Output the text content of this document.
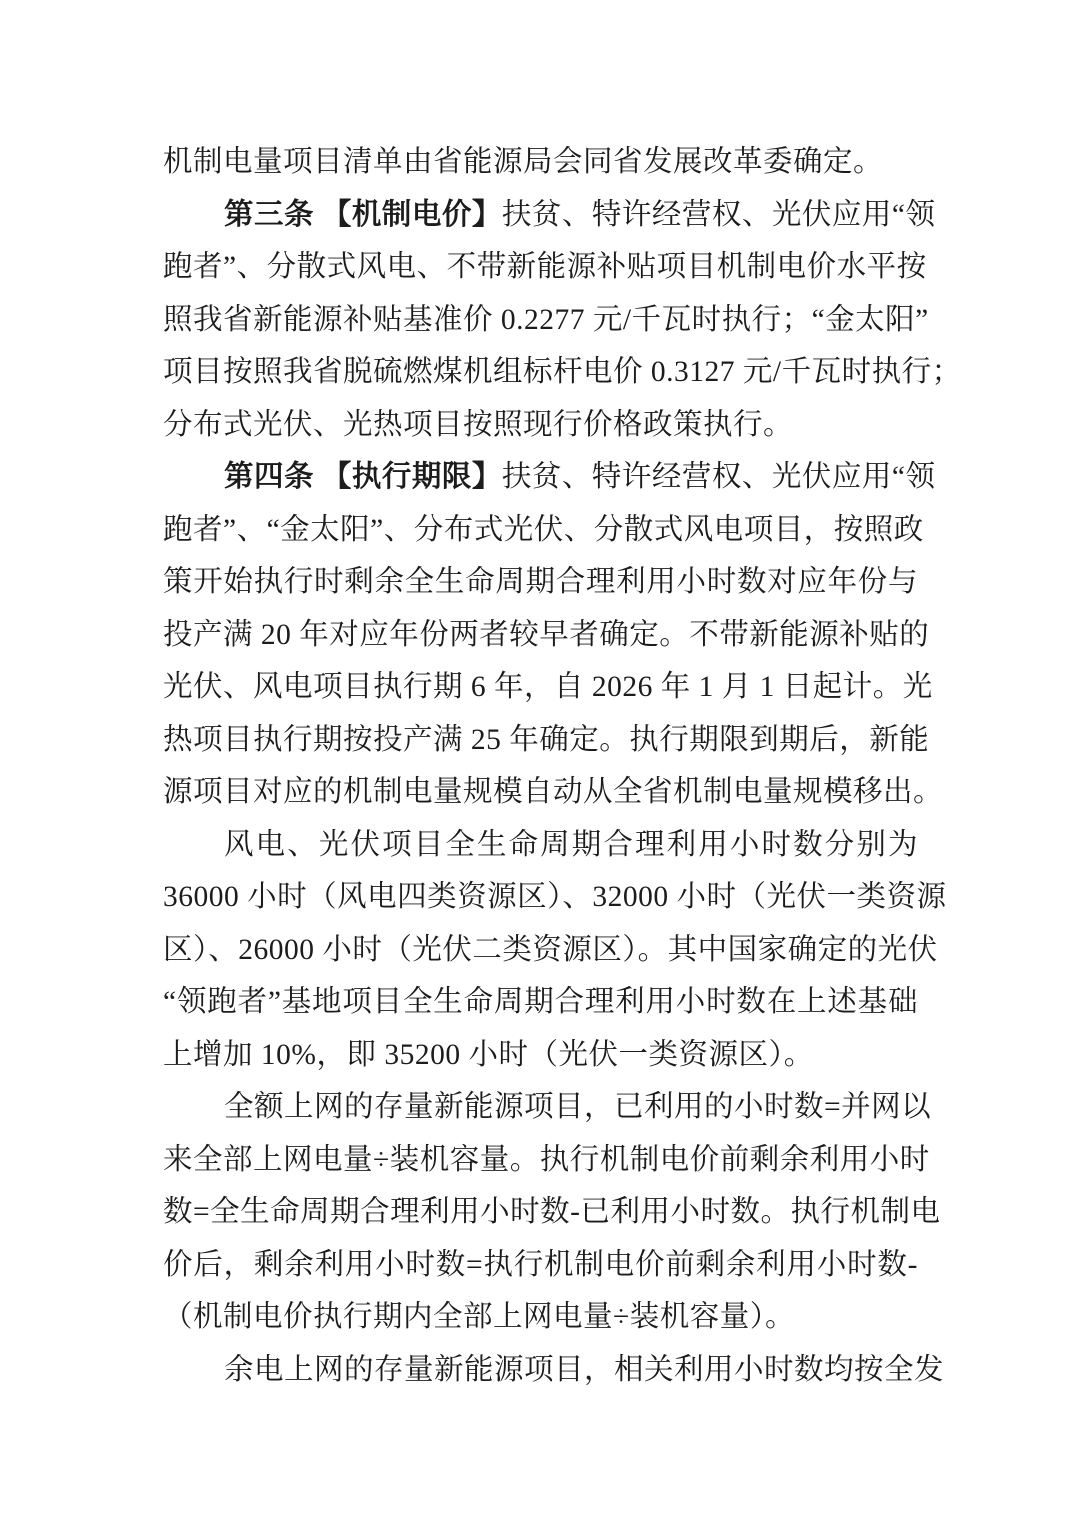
机制电量项目清单由省能源局会同省发展改革委确定。
第三条 【机制电价】扶贫、特许经营权、光伏应用“领
跑者”、分散式风电、不带新能源补贴项目机制电价水平按
照我省新能源补贴基准价 0.2277 元/千瓦时执行；“金太阳”
项目按照我省脱硫燃煤机组标杆电价 0.3127 元/千瓦时执行；
分布式光伏、光热项目按照现行价格政策执行。
第四条 【执行期限】扶贫、特许经营权、光伏应用“领
跑者”、“金太阳”、分布式光伏、分散式风电项目，按照政
策开始执行时剩余全生命周期合理利用小时数对应年份与
投产满 20 年对应年份两者较早者确定。不带新能源补贴的
光伏、风电项目执行期 6 年，自 2026 年 1 月 1 日起计。光
热项目执行期按投产满 25 年确定。执行期限到期后，新能
源项目对应的机制电量规模自动从全省机制电量规模移出。
风电、光伏项目全生命周期合理利用小时数分别为
36000 小时（风电四类资源区）、32000 小时（光伏一类资源
区）、26000 小时（光伏二类资源区）。其中国家确定的光伏
“领跑者”基地项目全生命周期合理利用小时数在上述基础
上增加 10%，即 35200 小时（光伏一类资源区）。
全额上网的存量新能源项目，已利用的小时数=并网以
来全部上网电量÷装机容量。执行机制电价前剩余利用小时
数=全生命周期合理利用小时数-已利用小时数。执行机制电
价后，剩余利用小时数=执行机制电价前剩余利用小时数-
（机制电价执行期内全部上网电量÷装机容量）。
余电上网的存量新能源项目，相关利用小时数均按全发
